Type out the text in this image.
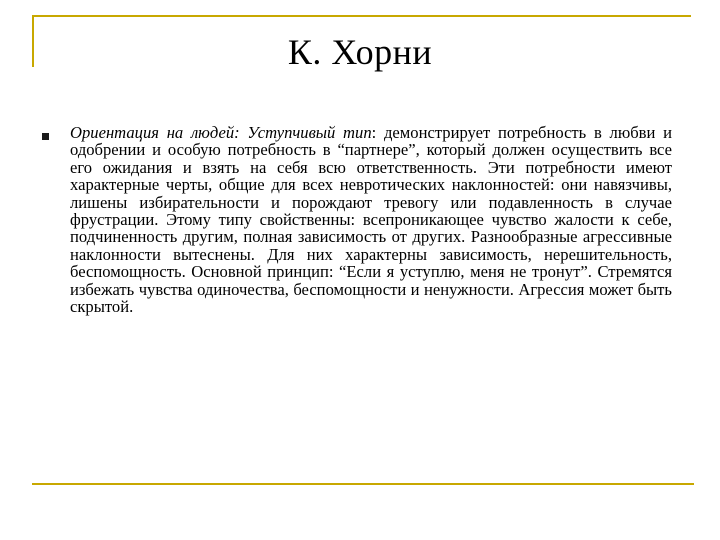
К. Хорни
Ориентация на людей: Уступчивый тип: демонстрирует потребность в любви и одобрении и особую потребность в “партнере”, который должен осуществить все его ожидания и взять на себя всю ответственность. Эти потребности имеют характерные черты, общие для всех невротических наклонностей: они навязчивы, лишены избирательности и порождают тревогу или подавленность в случае фрустрации. Этому типу свойственны: всепроникающее чувство жалости к себе, подчиненность другим, полная зависимость от других. Разнообразные агрессивные наклонности вытеснены. Для них характерны зависимость, нерешительность, беспомощность. Основной принцип: “Если я уступлю, меня не тронут”. Стремятся избежать чувства одиночества, беспомощности и ненужности. Агрессия может быть скрытой.
